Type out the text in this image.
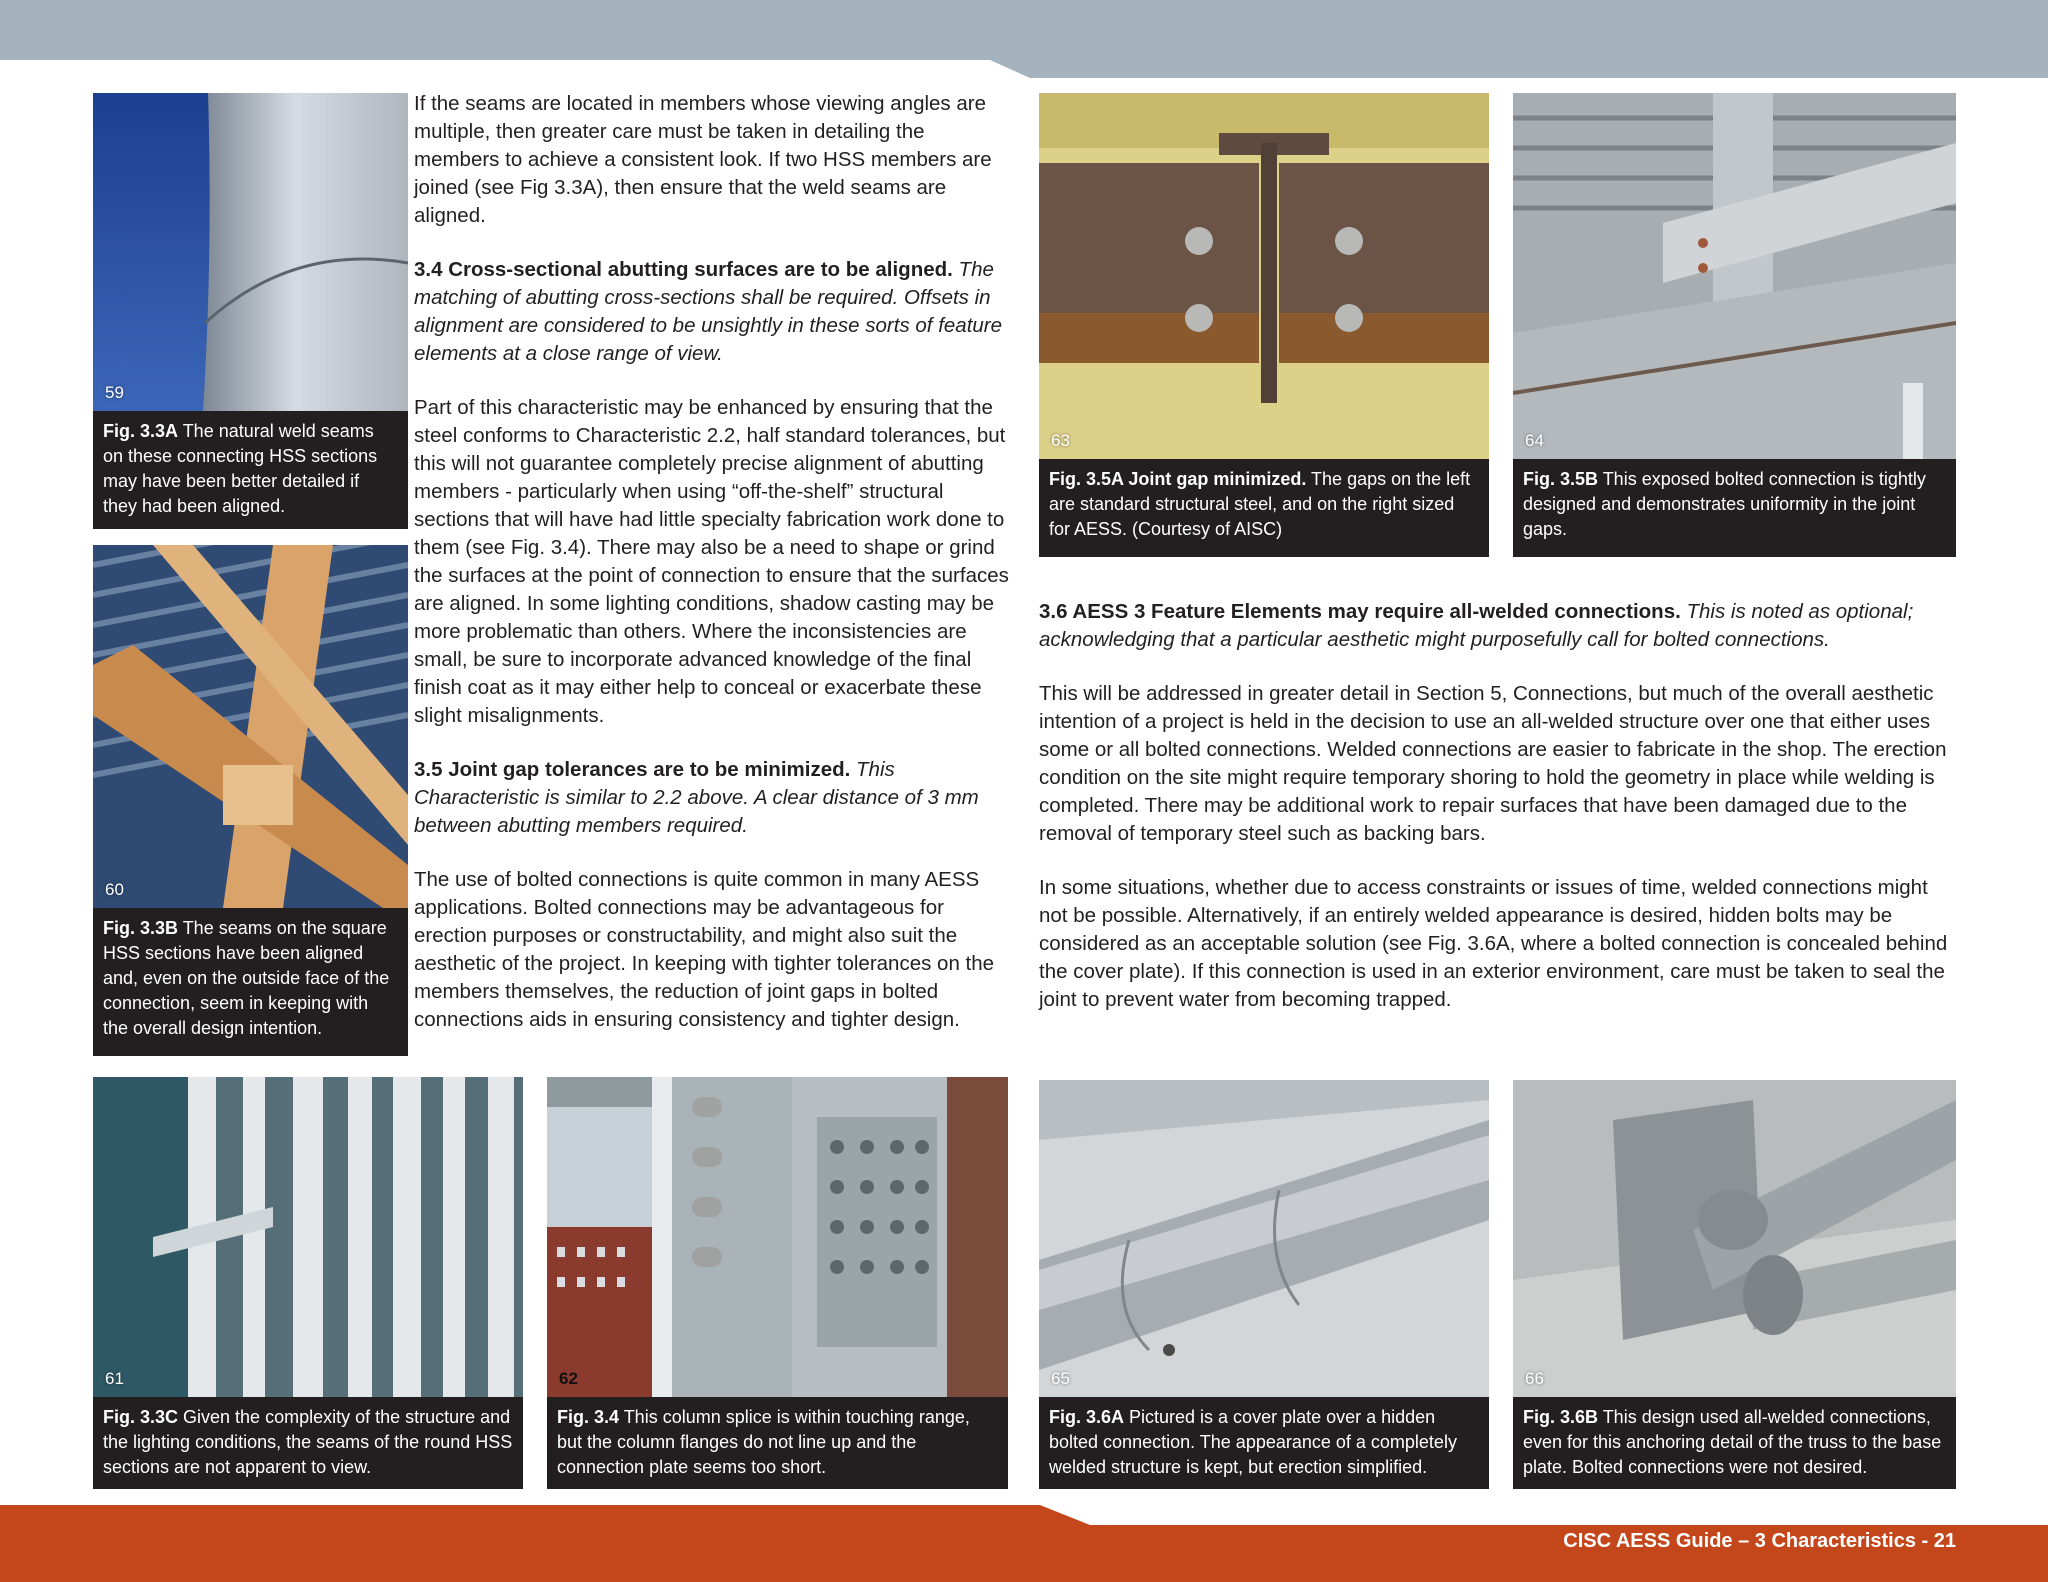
59
Fig. 3.3A The natural weld seams on these connecting HSS sections may have been better detailed if they had been aligned.
60
Fig. 3.3B The seams on the square HSS sections have been aligned and, even on the outside face of the connection, seem in keeping with the overall design intention.
61
Fig. 3.3C Given the complexity of the structure and the lighting conditions, the seams of the round HSS sections are not apparent to view.
62
Fig. 3.4 This column splice is within touching range, but the column flanges do not line up and the connection plate seems too short.
63
Fig. 3.5A Joint gap minimized. The gaps on the left are standard structural steel, and on the right sized for AESS. (Courtesy of AISC)
64
Fig. 3.5B This exposed bolted connection is tightly designed and demonstrates uniformity in the joint gaps.
65
Fig. 3.6A Pictured is a cover plate over a hidden bolted connection. The appearance of a completely welded structure is kept, but erection simplified.
66
Fig. 3.6B This design used all-welded connections, even for this anchoring detail of the truss to the base plate. Bolted connections were not desired.

If the seams are located in members whose viewing angles are multiple, then greater care must be taken in detailing the members to achieve a consistent look. If two HSS members are joined (see Fig 3.3A), then ensure that the weld seams are aligned.

3.4 Cross-sectional abutting surfaces are to be aligned. The matching of abutting cross-sections shall be required. Offsets in alignment are considered to be unsightly in these sorts of feature elements at a close range of view.

Part of this characteristic may be enhanced by ensuring that the steel conforms to Characteristic 2.2, half standard tolerances, but this will not guarantee completely precise alignment of abutting members - particularly when using “off-the-shelf” structural sections that will have had little specialty fabrication work done to them (see Fig. 3.4). There may also be a need to shape or grind the surfaces at the point of connection to ensure that the surfaces are aligned. In some lighting conditions, shadow casting may be more problematic than others. Where the inconsistencies are small, be sure to incorporate advanced knowledge of the final finish coat as it may either help to conceal or exacerbate these slight misalignments.

3.5 Joint gap tolerances are to be minimized. This Characteristic is similar to 2.2 above. A clear distance of 3 mm between abutting members required.

The use of bolted connections is quite common in many AESS applications. Bolted connections may be advantageous for erection purposes or constructability, and might also suit the aesthetic of the project. In keeping with tighter tolerances on the members themselves, the reduction of joint gaps in bolted connections aids in ensuring consistency and tighter design.

3.6 AESS 3 Feature Elements may require all-welded connections. This is noted as optional; acknowledging that a particular aesthetic might purposefully call for bolted connections.

This will be addressed in greater detail in Section 5, Connections, but much of the overall aesthetic intention of a project is held in the decision to use an all-welded structure over one that either uses some or all bolted connections. Welded connections are easier to fabricate in the shop. The erection condition on the site might require temporary shoring to hold the geometry in place while welding is completed. There may be additional work to repair surfaces that have been damaged due to the removal of temporary steel such as backing bars.

In some situations, whether due to access constraints or issues of time, welded connections might not be possible. Alternatively, if an entirely welded appearance is desired, hidden bolts may be considered as an acceptable solution (see Fig. 3.6A, where a bolted connection is concealed behind the cover plate). If this connection is used in an exterior environment, care must be taken to seal the joint to prevent water from becoming trapped.

CISC AESS Guide – 3 Characteristics - 21
